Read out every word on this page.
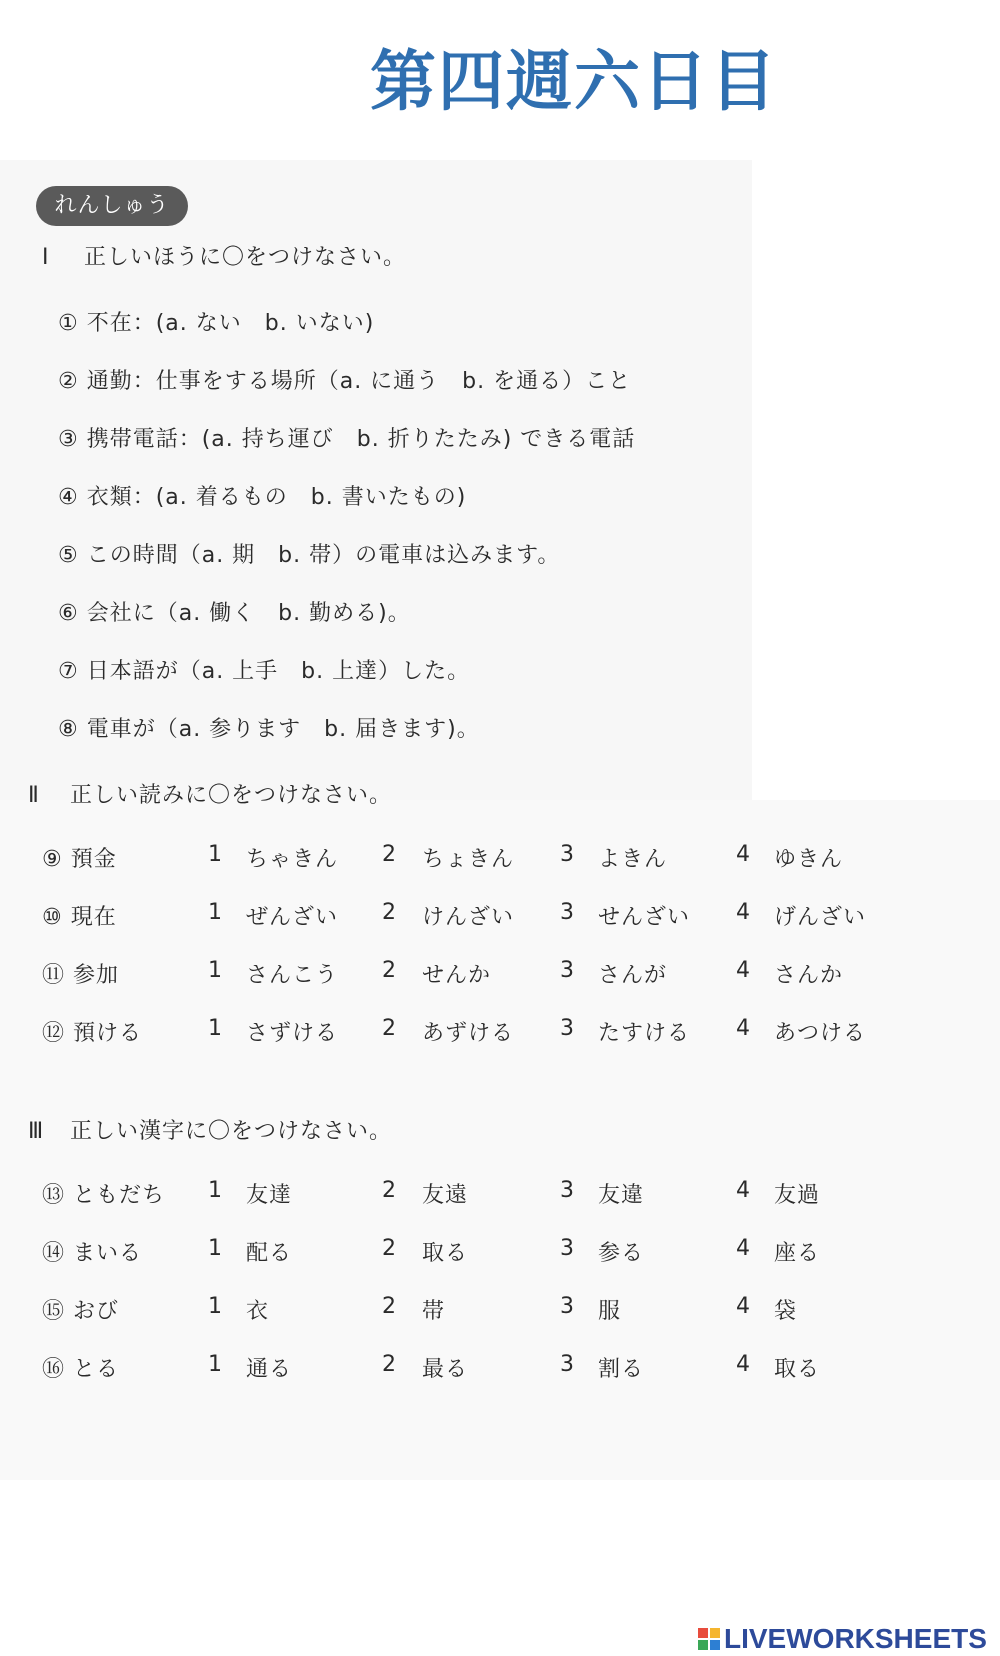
第四週六日目
れんしゅう
Ⅰ 正しいほうに〇をつけなさい。
① 不在：(a. ない　b. いない)
② 通勤：仕事をする場所（a. に通う　b. を通る）こと
③ 携帯電話：(a. 持ち運び　b. 折りたたみ) できる電話
④ 衣類：(a. 着るもの　b. 書いたもの)
⑤ この時間（a. 期　b. 帯）の電車は込みます。
⑥ 会社に（a. 働く　b. 勤める)。
⑦ 日本語が（a. 上手　b. 上達）した。
⑧ 電車が（a. 参ります　b. 届きます)。
Ⅱ 正しい読みに〇をつけなさい。
⑨ 預金	1 ちゃきん 2 ちょきん 3 よきん	4 ゆきん
⑩ 現在	1 ぜんざい 2 けんざい 3 せんざい 4 げんざい
⑪ 参加	1 さんこう 2 せんか	3 さんが	4 さんか
⑫ 預ける	1 さずける 2 あずける 3 たすける 4 あつける
Ⅲ 正しい漢字に〇をつけなさい。
⑬ ともだち 1 友達	2 友遠	3 友違	4 友過
⑭ まいる	1 配る	2 取る	3 参る	4 座る
⑮ おび	1 衣	2 帯	3 服	4 袋
⑯ とる	1 通る	2 最る	3 割る	4 取る
LIVEWORKSHEETS
